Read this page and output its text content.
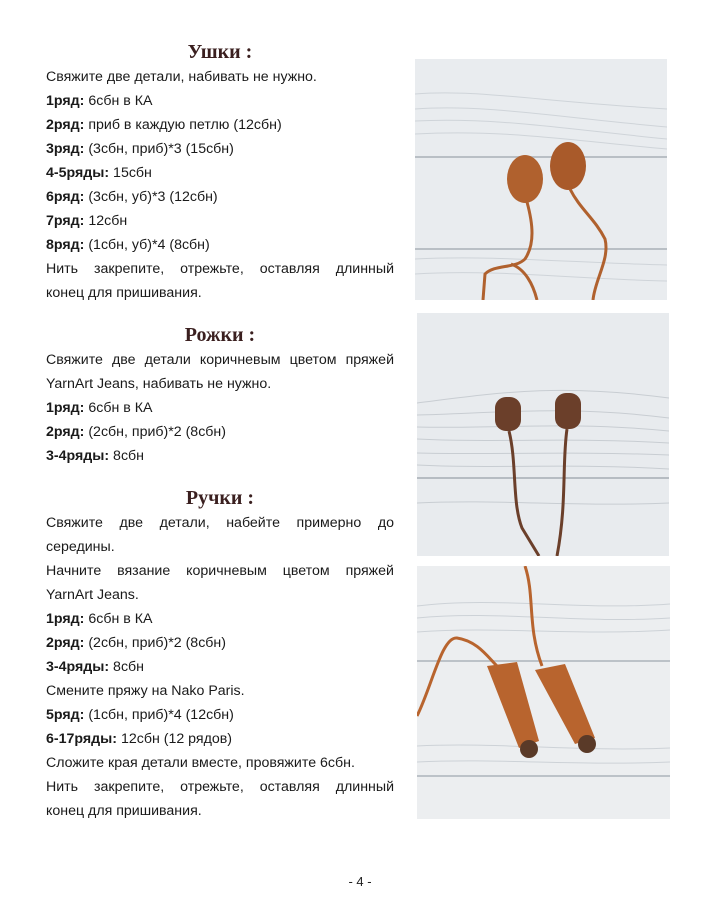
Ушки :
Свяжите две детали, набивать не нужно.
1ряд: 6сбн в КА
2ряд: приб в каждую петлю (12сбн)
3ряд: (3сбн, приб)*3 (15сбн)
4-5ряды: 15сбн
6ряд: (3сбн, уб)*3 (12сбн)
7ряд: 12сбн
8ряд: (1сбн, уб)*4 (8сбн)
Нить закрепите, отрежьте, оставляя длинный
конец для пришивания.
Рожки :
Свяжите две детали коричневым цветом пряжей
YarnArt Jeans, набивать не нужно.
1ряд: 6сбн в КА
2ряд: (2сбн, приб)*2 (8сбн)
3-4ряды: 8сбн
Ручки :
Свяжите две детали, набейте примерно до
середины.
Начните вязание коричневым цветом пряжей
YarnArt Jeans.
1ряд: 6сбн в КА
2ряд: (2сбн, приб)*2 (8сбн)
3-4ряды: 8сбн
Смените пряжу на Nako Paris.
5ряд: (1сбн, приб)*4 (12сбн)
6-17ряды: 12сбн (12 рядов)
Сложите края детали вместе, провяжите 6сбн.
Нить закрепите, отрежьте, оставляя длинный
конец для пришивания.
- 4 -
